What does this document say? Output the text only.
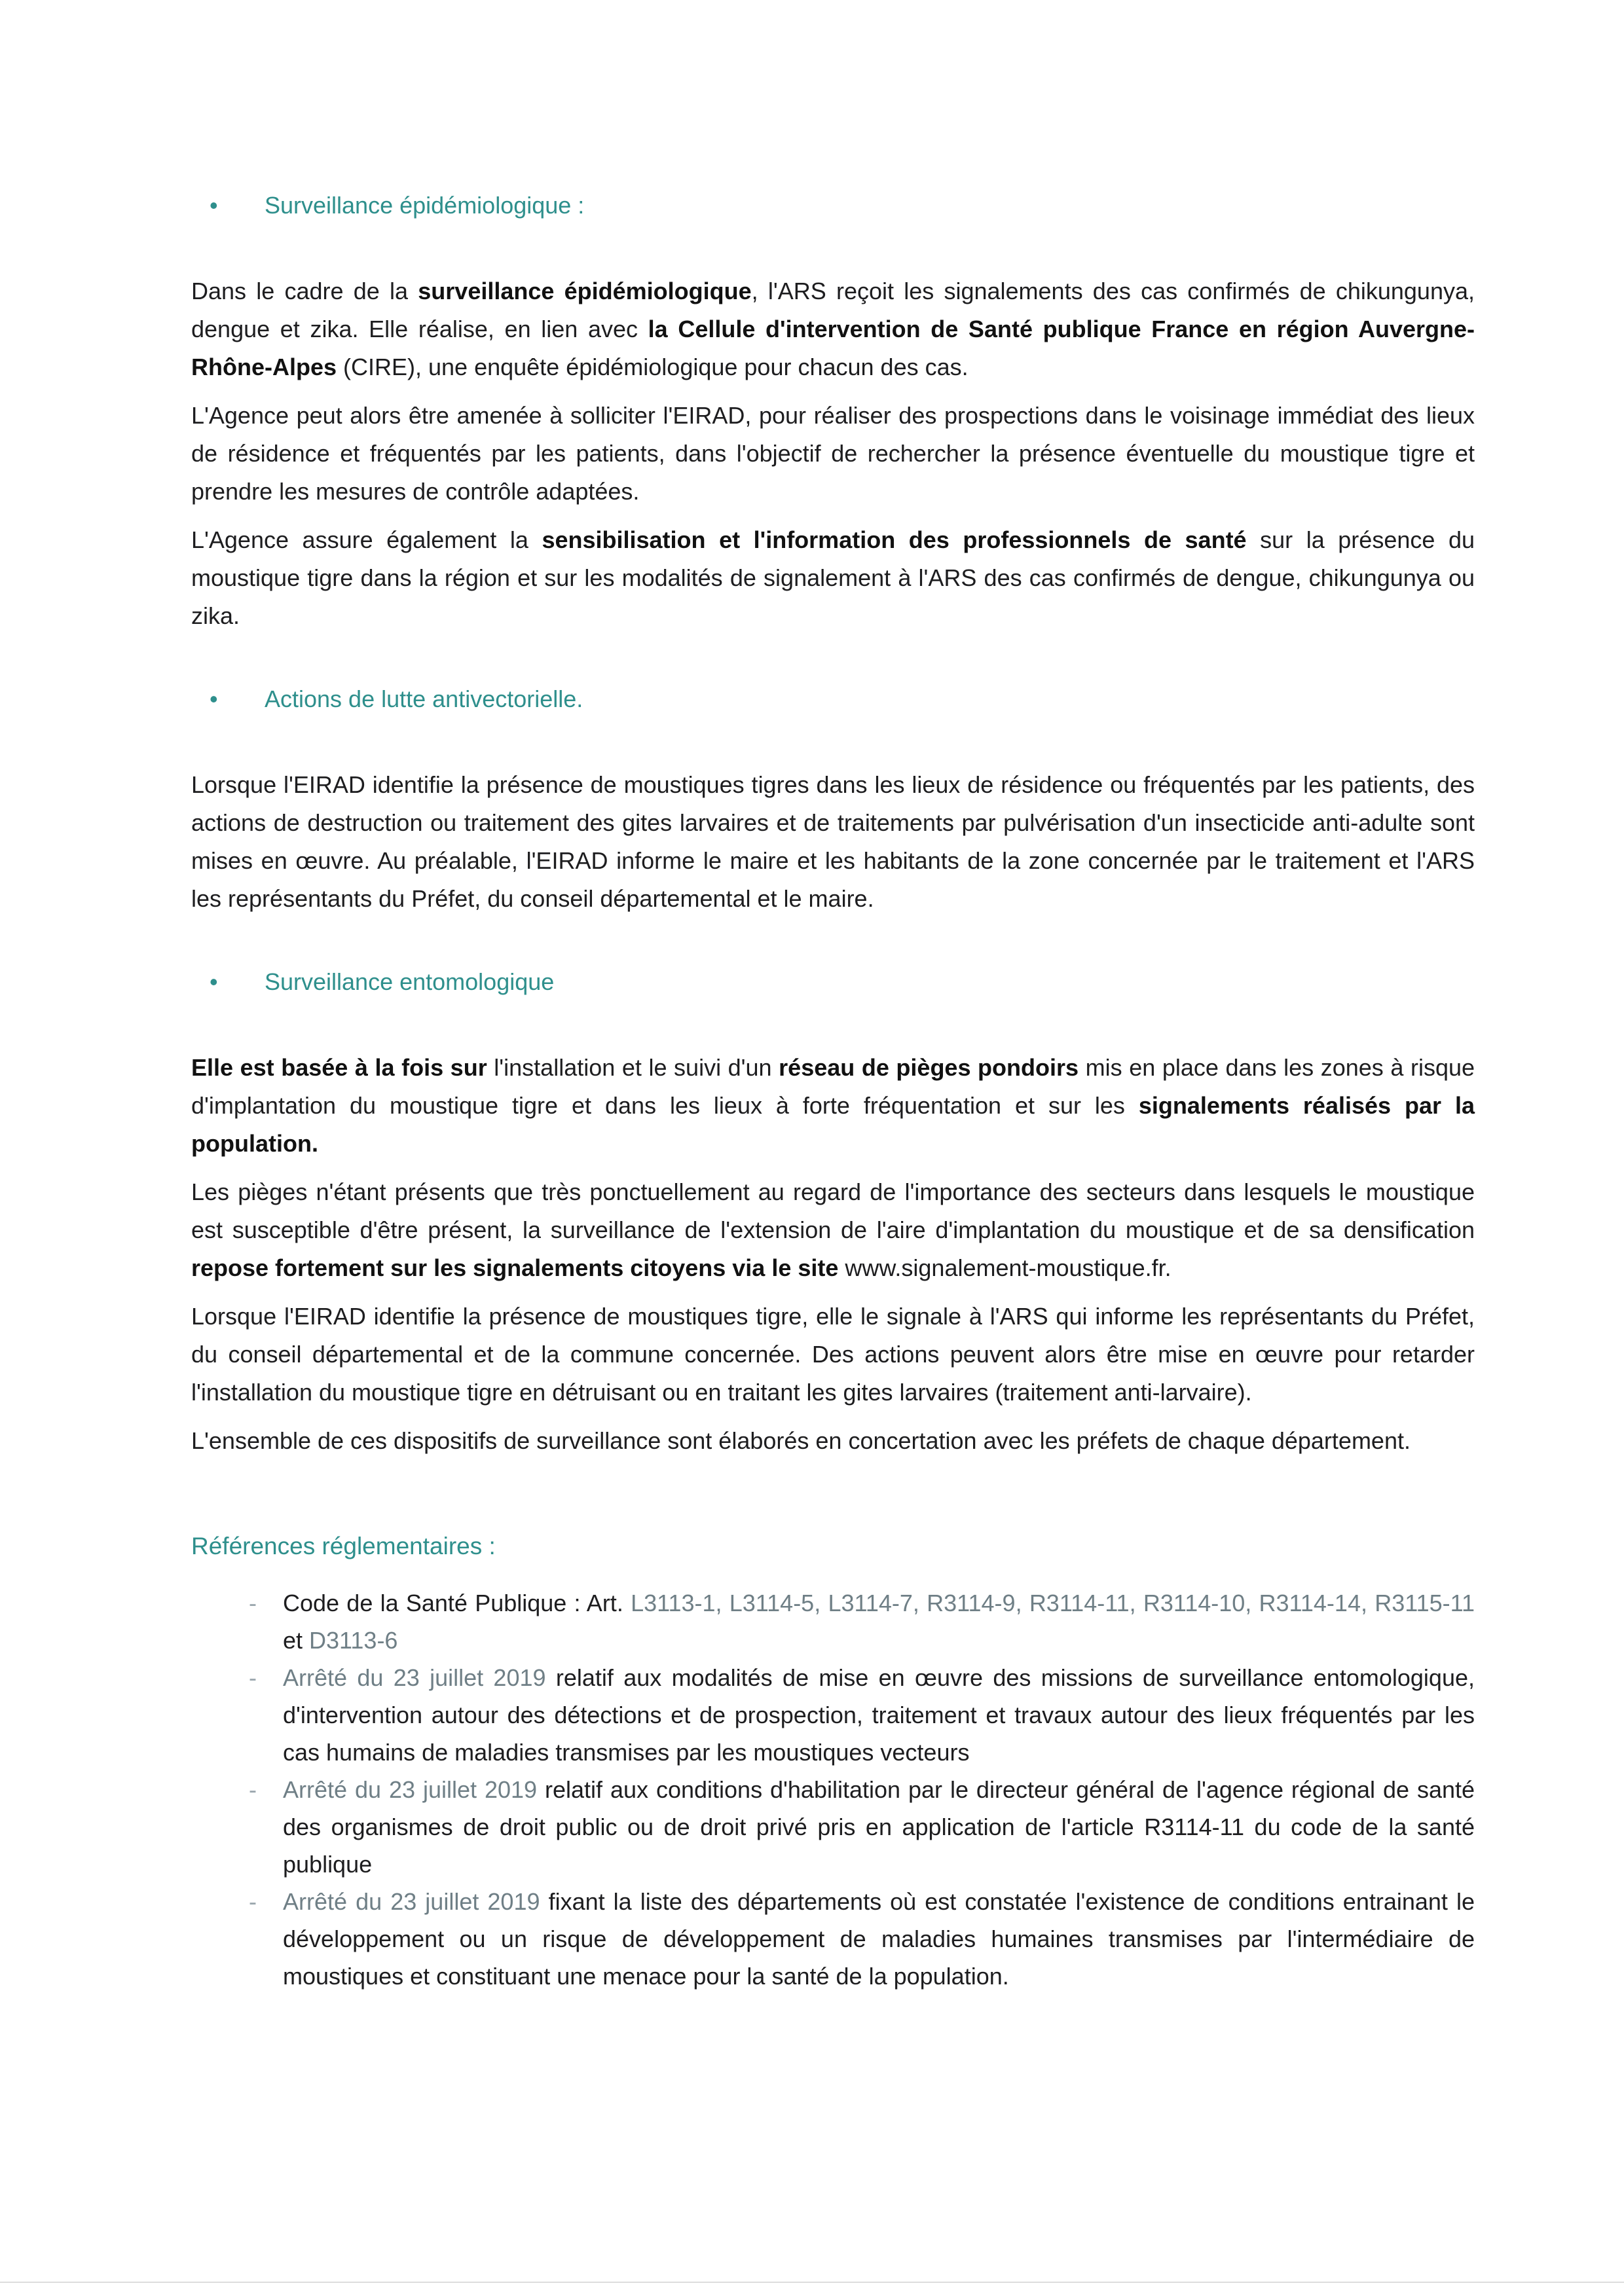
• Surveillance épidémiologique :

Dans le cadre de la surveillance épidémiologique, l'ARS reçoit les signalements des cas confirmés de chikungunya, dengue et zika. Elle réalise, en lien avec la Cellule d'intervention de Santé publique France en région Auvergne-Rhône-Alpes (CIRE), une enquête épidémiologique pour chacun des cas.

L'Agence peut alors être amenée à solliciter l'EIRAD, pour réaliser des prospections dans le voisinage immédiat des lieux de résidence et fréquentés par les patients, dans l'objectif de rechercher la présence éventuelle du moustique tigre et prendre les mesures de contrôle adaptées.

L'Agence assure également la sensibilisation et l'information des professionnels de santé sur la présence du moustique tigre dans la région et sur les modalités de signalement à l'ARS des cas confirmés de dengue, chikungunya ou zika.

• Actions de lutte antivectorielle.

Lorsque l'EIRAD identifie la présence de moustiques tigres dans les lieux de résidence ou fréquentés par les patients, des actions de destruction ou traitement des gites larvaires et de traitements par pulvérisation d'un insecticide anti-adulte sont mises en œuvre. Au préalable, l'EIRAD informe le maire et les habitants de la zone concernée par le traitement et l'ARS les représentants du Préfet, du conseil départemental et le maire.

• Surveillance entomologique

Elle est basée à la fois sur l'installation et le suivi d'un réseau de pièges pondoirs mis en place dans les zones à risque d'implantation du moustique tigre et dans les lieux à forte fréquentation et sur les signalements réalisés par la population.

Les pièges n'étant présents que très ponctuellement au regard de l'importance des secteurs dans lesquels le moustique est susceptible d'être présent, la surveillance de l'extension de l'aire d'implantation du moustique et de sa densification repose fortement sur les signalements citoyens via le site www.signalement-moustique.fr.

Lorsque l'EIRAD identifie la présence de moustiques tigre, elle le signale à l'ARS qui informe les représentants du Préfet, du conseil départemental et de la commune concernée. Des actions peuvent alors être mise en œuvre pour retarder l'installation du moustique tigre en détruisant ou en traitant les gites larvaires (traitement anti-larvaire).

L'ensemble de ces dispositifs de surveillance sont élaborés en concertation avec les préfets de chaque département.

Références réglementaires :
- Code de la Santé Publique : Art. L3113-1, L3114-5, L3114-7, R3114-9, R3114-11, R3114-10, R3114-14, R3115-11 et D3113-6
- Arrêté du 23 juillet 2019 relatif aux modalités de mise en œuvre des missions de surveillance entomologique, d'intervention autour des détections et de prospection, traitement et travaux autour des lieux fréquentés par les cas humains de maladies transmises par les moustiques vecteurs
- Arrêté du 23 juillet 2019 relatif aux conditions d'habilitation par le directeur général de l'agence régional de santé des organismes de droit public ou de droit privé pris en application de l'article R3114-11 du code de la santé publique
- Arrêté du 23 juillet 2019 fixant la liste des départements où est constatée l'existence de conditions entrainant le développement ou un risque de développement de maladies humaines transmises par l'intermédiaire de moustiques et constituant une menace pour la santé de la population.
